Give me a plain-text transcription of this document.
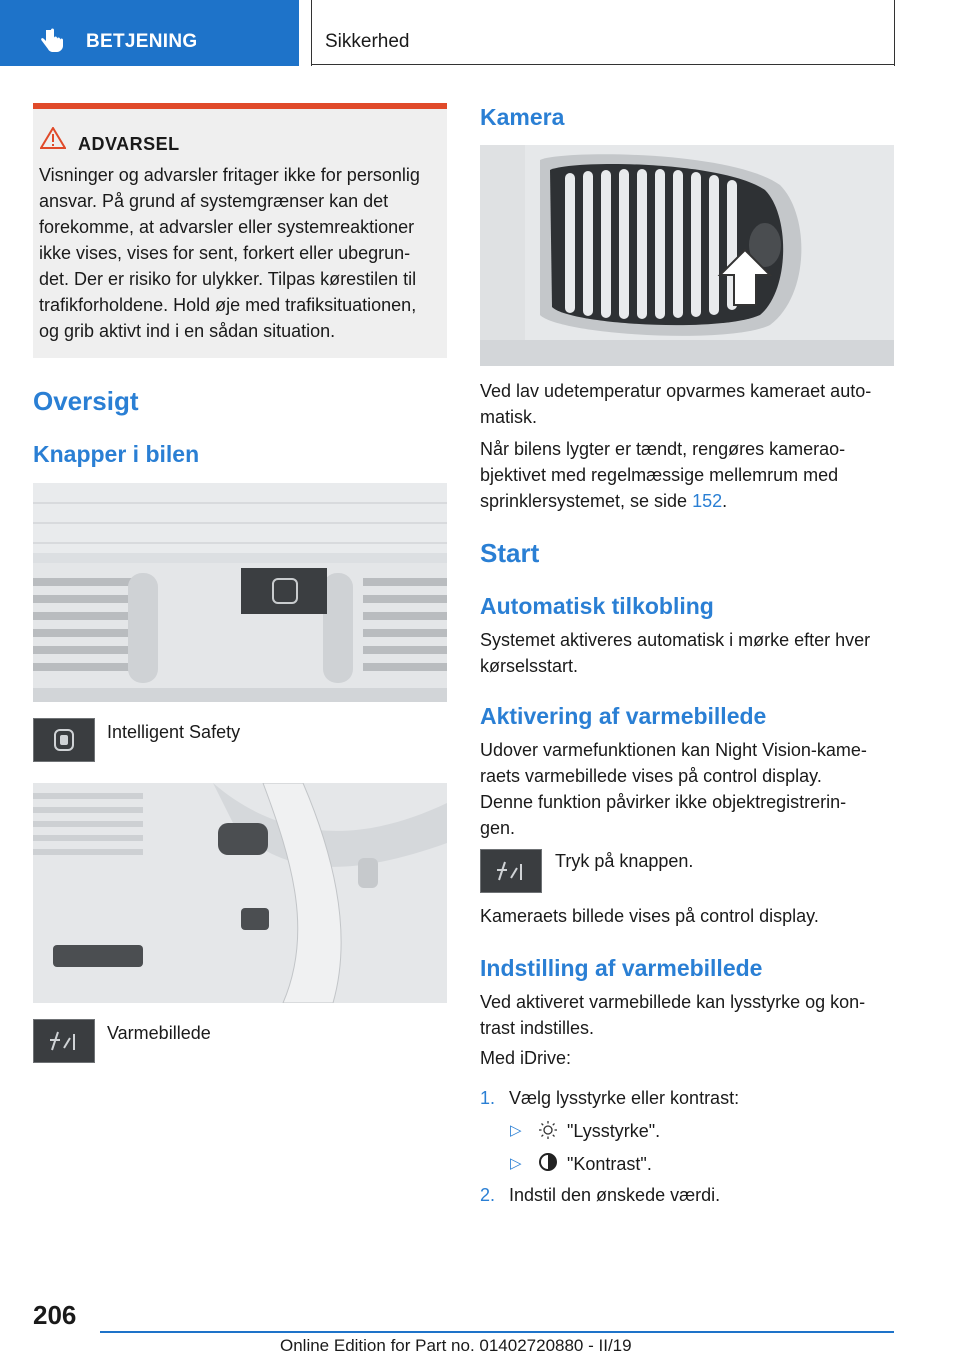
BETJENING	Sikkerhed
ADVARSEL
Visninger og advarsler fritager ikke for personlig
ansvar. På grund af systemgrænser kan det
forekomme, at advarsler eller systemreaktioner
ikke vises, vises for sent, forkert eller ubegrun-
det. Der er risiko for ulykker. Tilpas kørestilen til
trafikforholdene. Hold øje med trafiksituationen,
og grib aktivt ind i en sådan situation.
Oversigt
Knapper i bilen
Intelligent Safety
Varmebillede
Kamera
Ved lav udetemperatur opvarmes kameraet auto-
matisk.
Når bilens lygter er tændt, rengøres kamerao-
bjektivet med regelmæssige mellemrum med
sprinklersystemet, se side 152.
Start
Automatisk tilkobling
Systemet aktiveres automatisk i mørke efter hver
kørselsstart.
Aktivering af varmebillede
Udover varmefunktionen kan Night Vision-kame-
raets varmebillede vises på control display.
Denne funktion påvirker ikke objektregistrerin-
gen.
Tryk på knappen.
Kameraets billede vises på control display.
Indstilling af varmebillede
Ved aktiveret varmebillede kan lysstyrke og kon-
trast indstilles.
Med iDrive:
1. Vælg lysstyrke eller kontrast:
▷	"Lysstyrke".
▷	"Kontrast".
2. Indstil den ønskede værdi.
206
Online Edition for Part no. 01402720880 - II/19
